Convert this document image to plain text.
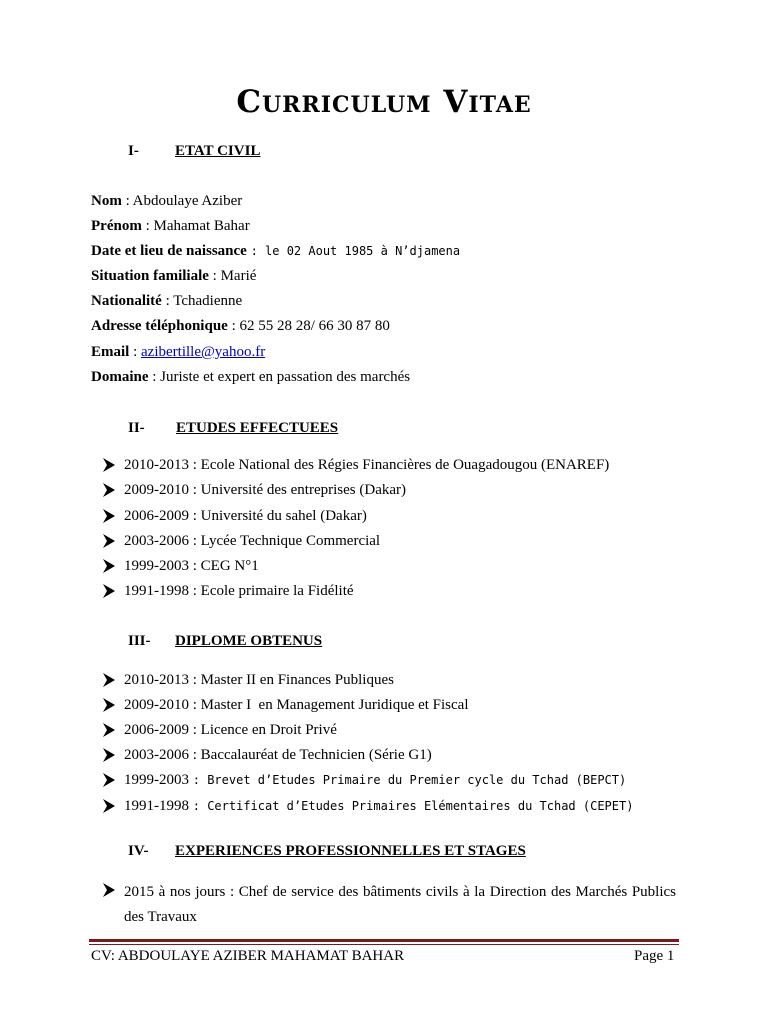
Curriculum Vitae
I- ETAT CIVIL
Nom : Abdoulaye Aziber
Prénom : Mahamat Bahar
Date et lieu de naissance : le 02 Aout 1985 à N’djamena
Situation familiale : Marié
Nationalité : Tchadienne
Adresse téléphonique : 62 55 28 28/ 66 30 87 80
Email : azibertille@yahoo.fr
Domaine : Juriste et expert en passation des marchés
II- ETUDES EFFECTUEES
2010-2013 : Ecole National des Régies Financières de Ouagadougou (ENAREF)
2009-2010 : Université des entreprises (Dakar)
2006-2009 : Université du sahel (Dakar)
2003-2006 : Lycée Technique Commercial
1999-2003 : CEG N°1
1991-1998 : Ecole primaire la Fidélité
III- DIPLOME OBTENUS
2010-2013 : Master II en Finances Publiques
2009-2010 : Master I  en Management Juridique et Fiscal
2006-2009 : Licence en Droit Privé
2003-2006 : Baccalauréat de Technicien (Série G1)
1999-2003 : Brevet d’Etudes Primaire du Premier cycle du Tchad (BEPCT)
1991-1998 : Certificat d’Etudes Primaires Elémentaires du Tchad (CEPET)
IV- EXPERIENCES PROFESSIONNELLES ET STAGES
2015 à nos jours : Chef de service des bâtiments civils à la Direction des Marchés Publics des Travaux
CV: ABDOULAYE AZIBER MAHAMAT BAHAR	Page 1
